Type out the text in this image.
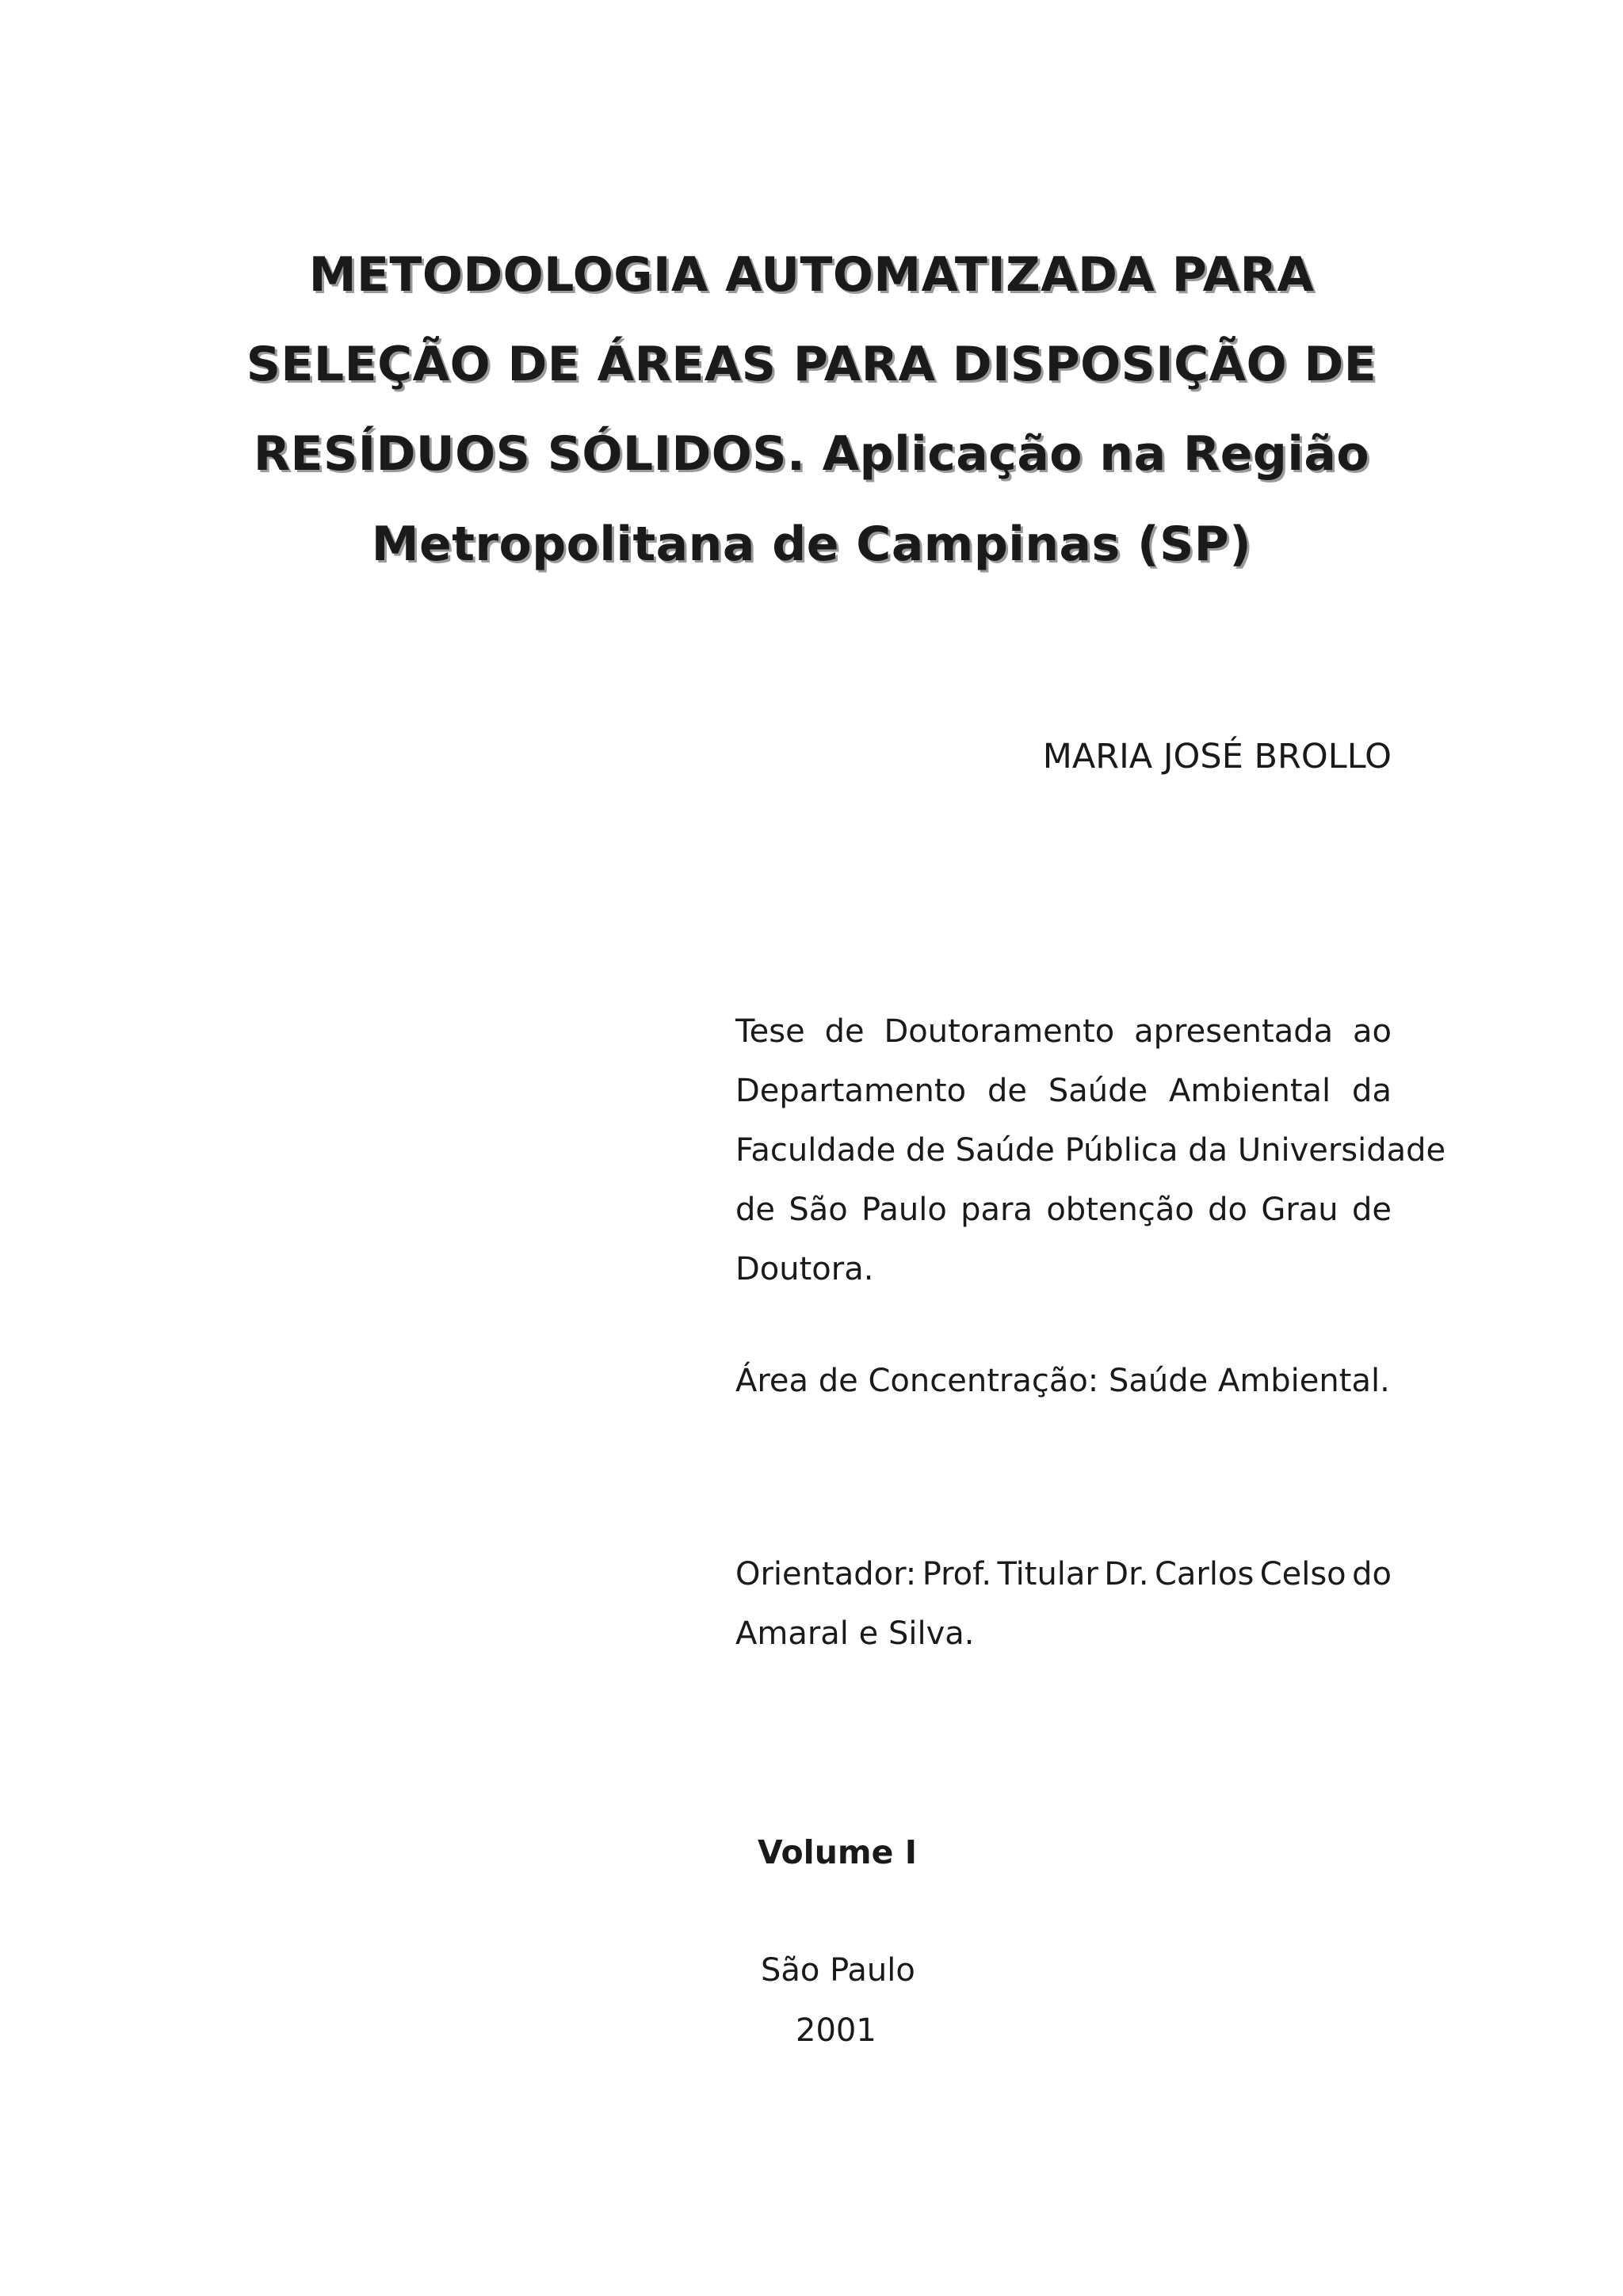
METODOLOGIA AUTOMATIZADA PARA
SELEÇÃO DE ÁREAS PARA DISPOSIÇÃO DE
RESÍDUOS SÓLIDOS. Aplicação na Região
Metropolitana de Campinas (SP)
MARIA JOSÉ BROLLO
Tese de Doutoramento apresentada ao
Departamento de Saúde Ambiental da
Faculdade de Saúde Pública da Universidade
de São Paulo para obtenção do Grau de
Doutora.
Área de Concentração: Saúde Ambiental.
Orientador: Prof. Titular Dr. Carlos Celso do
Amaral e Silva.
Volume I
São Paulo
2001
